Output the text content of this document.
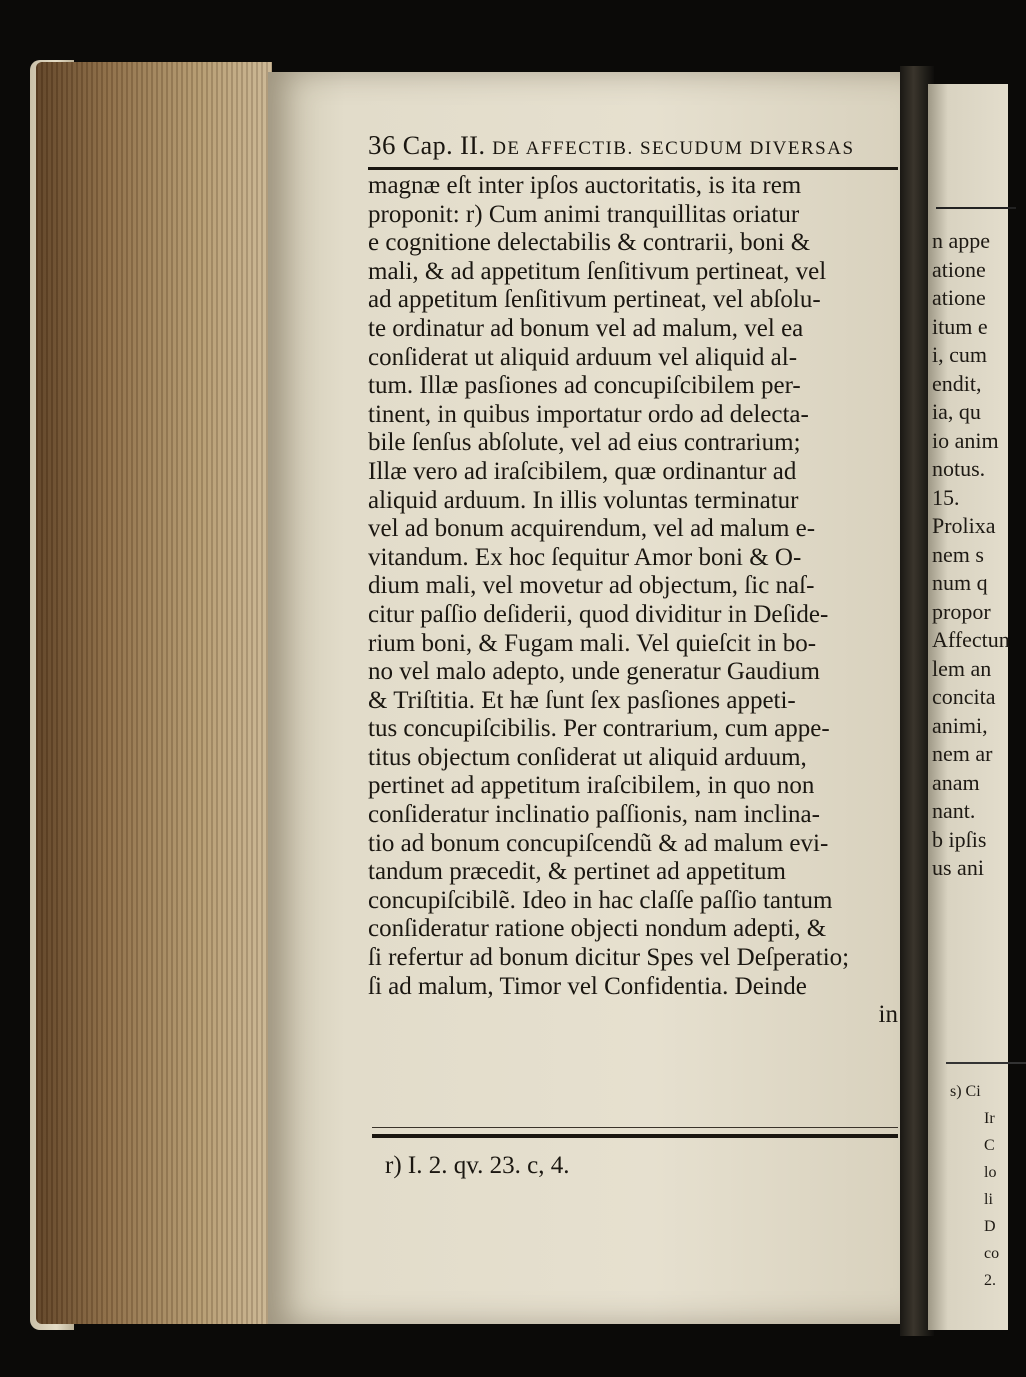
36 Cap. II. DE AFFECTIB. SECUDUM DIVERSAS
magnæ eſt inter ipſos auctoritatis, is ita rem
proponit: r) Cum animi tranquillitas oriatur
e cognitione delectabilis & contrarii, boni &
mali, & ad appetitum ſenſitivum pertineat, vel
ad appetitum ſenſitivum pertineat, vel abſolu-
te ordinatur ad bonum vel ad malum, vel ea
conſiderat ut aliquid arduum vel aliquid al-
tum. Illæ pasſiones ad concupiſcibilem per-
tinent, in quibus importatur ordo ad delecta-
bile ſenſus abſolute, vel ad eius contrarium;
Illæ vero ad iraſcibilem, quæ ordinantur ad
aliquid arduum. In illis voluntas terminatur
vel ad bonum acquirendum, vel ad malum e-
vitandum. Ex hoc ſequitur Amor boni & O-
dium mali, vel movetur ad objectum, ſic naſ-
citur paſſio deſiderii, quod dividitur in Deſide-
rium boni, & Fugam mali. Vel quieſcit in bo-
no vel malo adepto, unde generatur Gaudium
& Triſtitia. Et hæ ſunt ſex pasſiones appeti-
tus concupiſcibilis. Per contrarium, cum appe-
titus objectum conſiderat ut aliquid arduum,
pertinet ad appetitum iraſcibilem, in quo non
conſideratur inclinatio paſſionis, nam inclina-
tio ad bonum concupiſcendũ & ad malum evi-
tandum præcedit, & pertinet ad appetitum
concupiſcibilẽ. Ideo in hac claſſe paſſio tantum
conſideratur ratione objecti nondum adepti, &
ſi refertur ad bonum dicitur Spes vel Deſperatio;
ſi ad malum, Timor vel Confidentia. Deinde
in
r) I. 2. qv. 23. c, 4.
n appe
atione
atione
itum e
i, cum
endit,
ia, qu
io anim
notus.
15.
Prolixa
nem s
num q
propor
Affectun
lem an
concita
animi,
nem ar
anam
nant.
b ipſis
us ani
s) Ci
Ir
C
lo
li
D
co
2.
